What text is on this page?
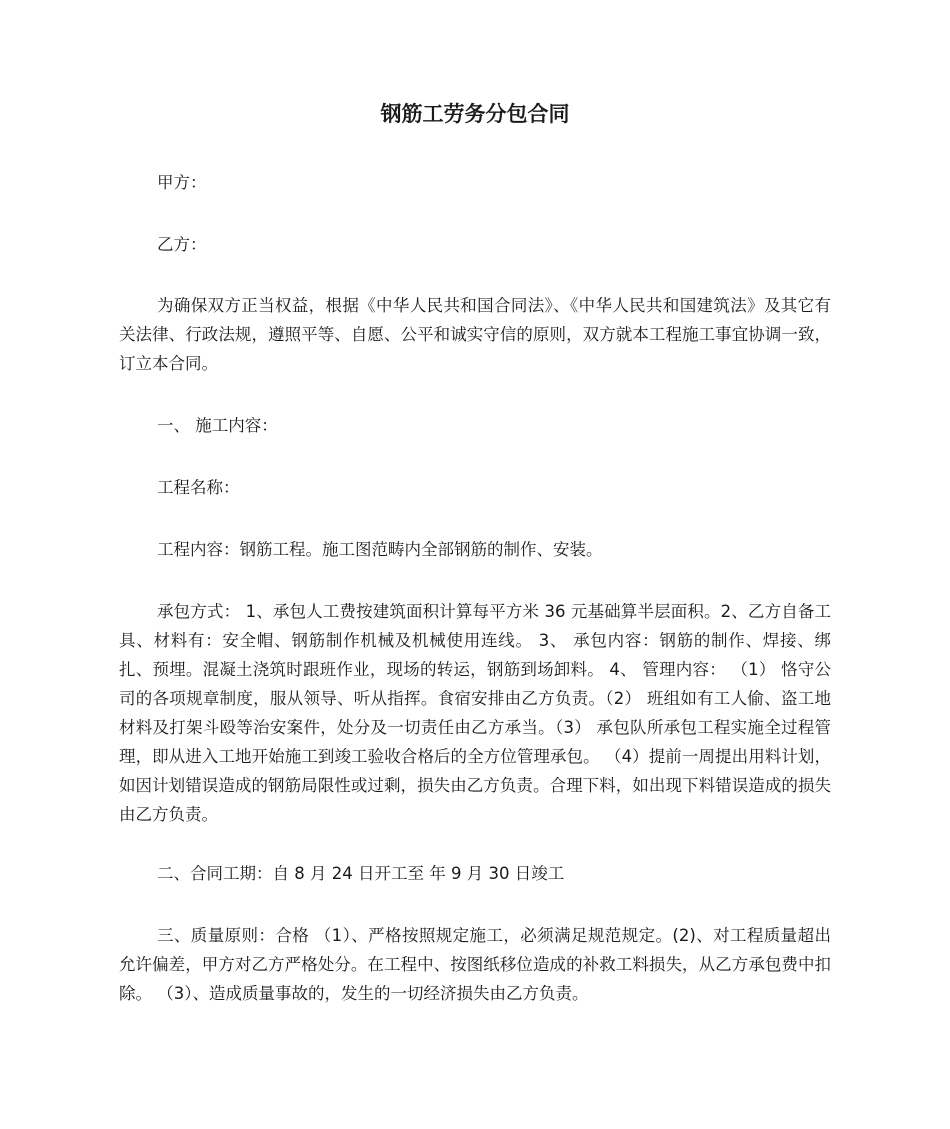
钢筋工劳务分包合同

甲方：

乙方：

为确保双方正当权益，根据《中华人民共和国合同法》、《中华人民共和国建筑法》及其它有关法律、行政法规，遵照平等、自愿、公平和诚实守信的原则，双方就本工程施工事宜协调一致，订立本合同。

一、 施工内容：

工程名称：

工程内容：钢筋工程。施工图范畴内全部钢筋的制作、安装。

承包方式： 1、承包人工费按建筑面积计算每平方米 36 元基础算半层面积。2、乙方自备工具、材料有：安全帽、钢筋制作机械及机械使用连线。 3、 承包内容：钢筋的制作、焊接、绑扎、预埋。混凝土浇筑时跟班作业，现场的转运，钢筋到场卸料。 4、 管理内容： （1） 恪守公司的各项规章制度，服从领导、听从指挥。食宿安排由乙方负责。（2） 班组如有工人偷、盗工地材料及打架斗殴等治安案件，处分及一切责任由乙方承当。（3） 承包队所承包工程实施全过程管理，即从进入工地开始施工到竣工验收合格后的全方位管理承包。 （4）提前一周提出用料计划，如因计划错误造成的钢筋局限性或过剩，损失由乙方负责。合理下料，如出现下料错误造成的损失由乙方负责。

二、合同工期：自 8 月 24 日开工至 年 9 月 30 日竣工

三、质量原则：合格 （1）、严格按照规定施工，必须满足规范规定。(2)、对工程质量超出允许偏差，甲方对乙方严格处分。在工程中、按图纸移位造成的补救工料损失，从乙方承包费中扣除。 （3）、造成质量事故的，发生的一切经济损失由乙方负责。
